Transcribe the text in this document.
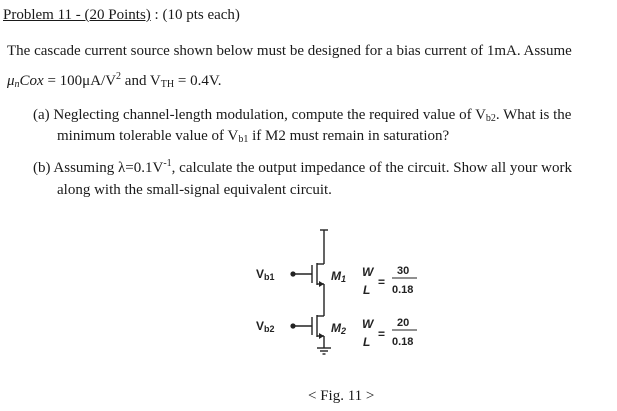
Problem 11 - (20 Points) : (10 pts each)
The cascade current source shown below must be designed for a bias current of 1mA. Assume
$\mu_nCox = 100\mu A/V^2$ and $V_{TH} = 0.4V$.
(a) Neglecting channel-length modulation, compute the required value of $V_{b2}$. What is the
minimum tolerable value of $V_{b1}$ if M2 must remain in saturation?
(b) Assuming $\lambda=0.1V^{-1}$, calculate the output impedance of the circuit. Show all your work
along with the small-signal equivalent circuit.
Vb1
Vb2
M1
M2
W
L
=
30
0.18
W
L
=
20
0.18
< Fig. 11 >
